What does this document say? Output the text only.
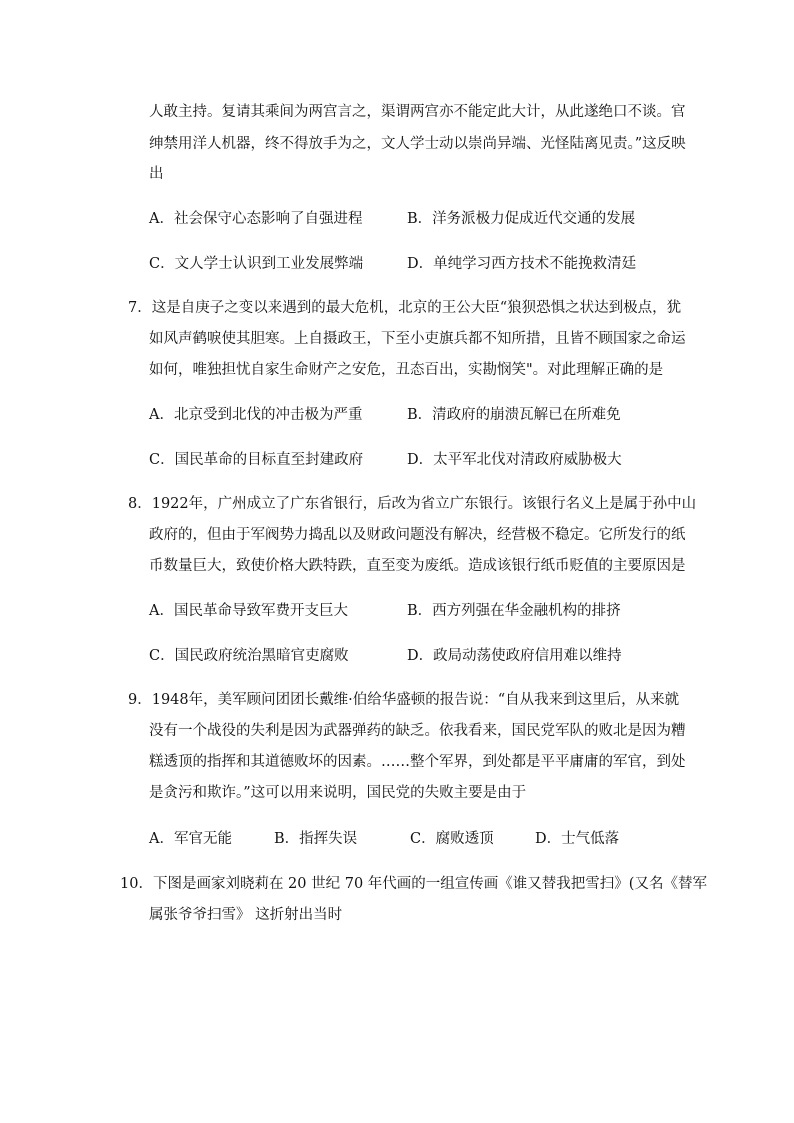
人敢主持。复请其乘间为两宫言之，渠谓两宫亦不能定此大计，从此遂绝口不谈。官
绅禁用洋人机器，终不得放手为之，文人学士动以崇尚异端、光怪陆离见责。”这反映
出
A．社会保守心态影响了自强进程	B．洋务派极力促成近代交通的发展
C．文人学士认识到工业发展弊端	D．单纯学习西方技术不能挽救清廷
7．这是自庚子之变以来遇到的最大危机，北京的王公大臣“狼狈恐惧之状达到极点，犹
如风声鹤唳使其胆寒。上自摄政王，下至小吏旗兵都不知所措，且皆不顾国家之命运
如何，唯独担忧自家生命财产之安危，丑态百出，实勘悯笑"。对此理解正确的是
A．北京受到北伐的冲击极为严重	B．清政府的崩溃瓦解已在所难免
C．国民革命的目标直至封建政府	D．太平军北伐对清政府威胁极大
8．1922年，广州成立了广东省银行，后改为省立广东银行。该银行名义上是属于孙中山
政府的，但由于军阀势力捣乱以及财政问题没有解决，经营极不稳定。它所发行的纸
币数量巨大，致使价格大跌特跌，直至变为废纸。造成该银行纸币贬值的主要原因是
A．国民革命导致军费开支巨大	B．西方列强在华金融机构的排挤
C．国民政府统治黑暗官吏腐败	D．政局动荡使政府信用难以维持
9．1948年，美军顾问团团长戴维·伯给华盛顿的报告说：“自从我来到这里后，从来就
没有一个战役的失利是因为武器弹药的缺乏。依我看来，国民党军队的败北是因为糟
糕透顶的指挥和其道德败坏的因素。……整个军界，到处都是平平庸庸的军官，到处
是贪污和欺诈。”这可以用来说明，国民党的失败主要是由于
A．军官无能	B．指挥失误	C．腐败透顶	D．士气低落
10．下图是画家刘晓莉在 20 世纪 70 年代画的一组宣传画《谁又替我把雪扫》(又名《替军
属张爷爷扫雪》 这折射出当时
